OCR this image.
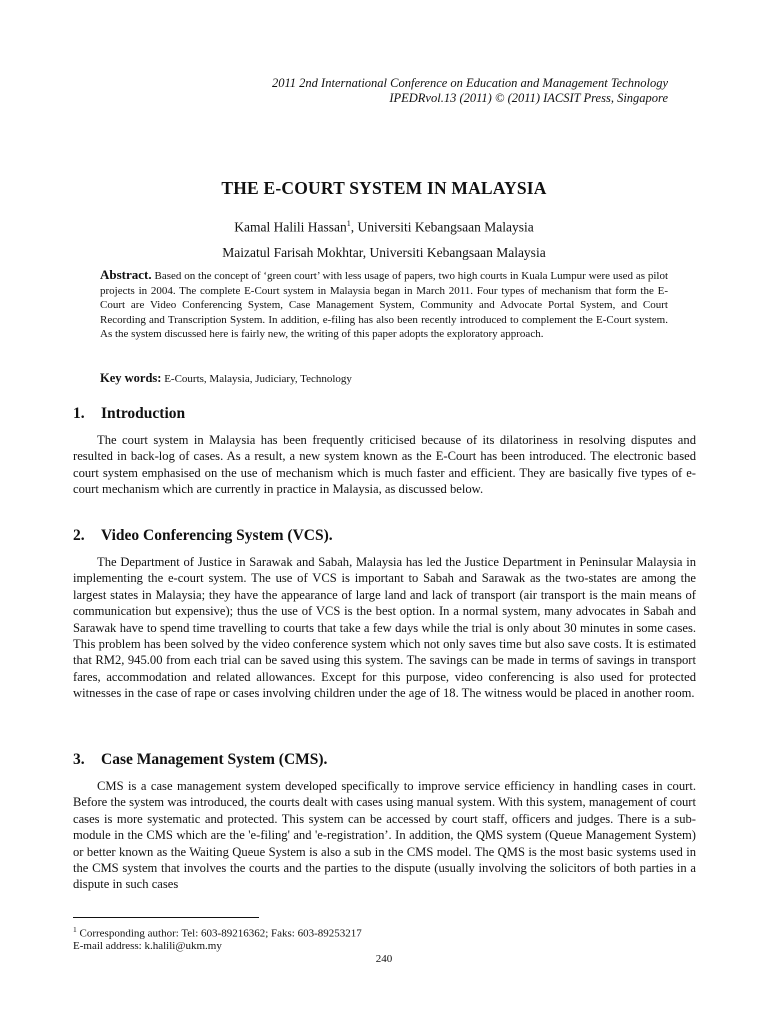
2011 2nd International Conference on Education and Management Technology
IPEDRvol.13 (2011) © (2011) IACSIT Press, Singapore
THE E-COURT SYSTEM IN MALAYSIA
Kamal Halili Hassan$^1$, Universiti Kebangsaan Malaysia
Maizatul Farisah Mokhtar, Universiti Kebangsaan Malaysia
Abstract. Based on the concept of ‘green court’ with less usage of papers, two high courts in Kuala Lumpur were used as pilot projects in 2004. The complete E-Court system in Malaysia began in March 2011. Four types of mechanism that form the E-Court are Video Conferencing System, Case Management System, Community and Advocate Portal System, and Court Recording and Transcription System. In addition, e-filing has also been recently introduced to complement the E-Court system. As the system discussed here is fairly new, the writing of this paper adopts the exploratory approach.
Key words: E-Courts, Malaysia, Judiciary, Technology
1. Introduction
The court system in Malaysia has been frequently criticised because of its dilatoriness in resolving disputes and resulted in back-log of cases. As a result, a new system known as the E-Court has been introduced. The electronic based court system emphasised on the use of mechanism which is much faster and efficient. They are basically five types of e-court mechanism which are currently in practice in Malaysia, as discussed below.
2. Video Conferencing System (VCS).
The Department of Justice in Sarawak and Sabah, Malaysia has led the Justice Department in Peninsular Malaysia in implementing the e-court system. The use of VCS is important to Sabah and Sarawak as the two-states are among the largest states in Malaysia; they have the appearance of large land and lack of transport (air transport is the main means of communication but expensive); thus the use of VCS is the best option. In a normal system, many advocates in Sabah and Sarawak have to spend time travelling to courts that take a few days while the trial is only about 30 minutes in some cases. This problem has been solved by the video conference system which not only saves time but also save costs. It is estimated that RM2, 945.00 from each trial can be saved using this system. The savings can be made in terms of savings in transport fares, accommodation and related allowances. Except for this purpose, video conferencing is also used for protected witnesses in the case of rape or cases involving children under the age of 18. The witness would be placed in another room.
3. Case Management System (CMS).
CMS is a case management system developed specifically to improve service efficiency in handling cases in court. Before the system was introduced, the courts dealt with cases using manual system. With this system, management of court cases is more systematic and protected. This system can be accessed by court staff, officers and judges. There is a sub-module in the CMS which are the 'e-filing' and 'e-registration’. In addition, the QMS system (Queue Management System) or better known as the Waiting Queue System is also a sub in the CMS model. The QMS is the most basic systems used in the CMS system that involves the courts and the parties to the dispute (usually involving the solicitors of both parties in a dispute in such cases
$^1$ Corresponding author: Tel: 603-89216362; Faks: 603-89253217
E-mail address: k.halili@ukm.my
240
